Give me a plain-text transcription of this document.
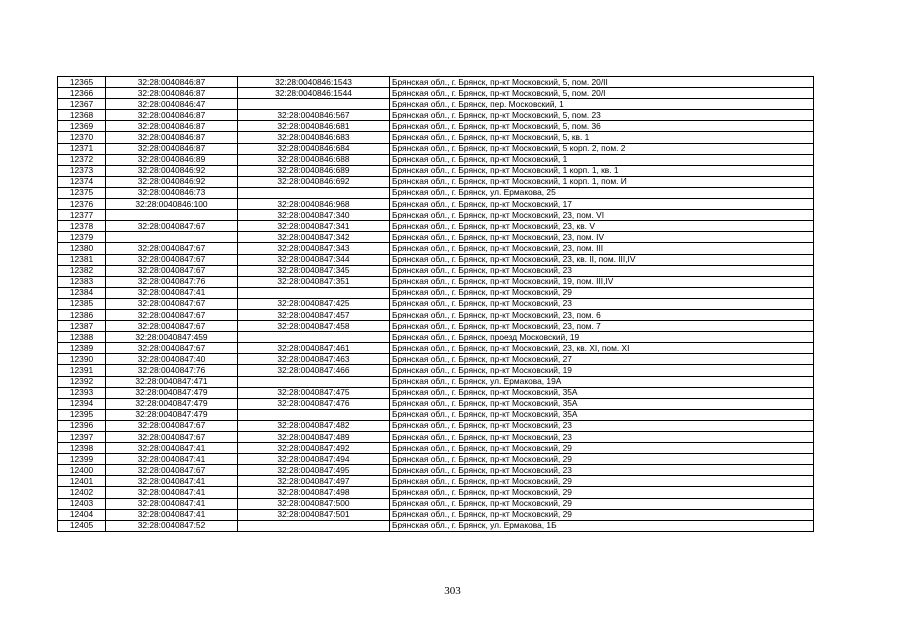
12365	32:28:0040846:87	32:28:0040846:1543	Брянская обл., г. Брянск, пр-кт Московский, 5, пом. 20/II
12366	32:28:0040846:87	32:28:0040846:1544	Брянская обл., г. Брянск, пр-кт Московский, 5, пом. 20/I
12367	32:28:0040846:47		Брянская обл., г. Брянск, пер. Московский, 1
12368	32:28:0040846:87	32:28:0040846:567	Брянская обл., г. Брянск, пр-кт Московский, 5, пом. 23
12369	32:28:0040846:87	32:28:0040846:681	Брянская обл., г. Брянск, пр-кт Московский, 5, пом. 36
12370	32:28:0040846:87	32:28:0040846:683	Брянская обл., г. Брянск, пр-кт Московский, 5, кв. 1
12371	32:28:0040846:87	32:28:0040846:684	Брянская обл., г. Брянск, пр-кт Московский, 5 корп. 2, пом. 2
12372	32:28:0040846:89	32:28:0040846:688	Брянская обл., г. Брянск, пр-кт Московский, 1
12373	32:28:0040846:92	32:28:0040846:689	Брянская обл., г. Брянск, пр-кт Московский, 1 корп. 1, кв. 1
12374	32:28:0040846:92	32:28:0040846:692	Брянская обл., г. Брянск, пр-кт Московский, 1 корп. 1, пом. И
12375	32:28:0040846:73		Брянская обл., г. Брянск, ул. Ермакова, 25
12376	32:28:0040846:100	32:28:0040846:968	Брянская обл., г. Брянск, пр-кт Московский, 17
12377		32:28:0040847:340	Брянская обл., г. Брянск, пр-кт Московский, 23, пом. VI
12378	32:28:0040847:67	32:28:0040847:341	Брянская обл., г. Брянск, пр-кт Московский, 23, кв. V
12379		32:28:0040847:342	Брянская обл., г. Брянск, пр-кт Московский, 23, пом. IV
12380	32:28:0040847:67	32:28:0040847:343	Брянская обл., г. Брянск, пр-кт Московский, 23, пом. III
12381	32:28:0040847:67	32:28:0040847:344	Брянская обл., г. Брянск, пр-кт Московский, 23, кв. II, пом. III,IV
12382	32:28:0040847:67	32:28:0040847:345	Брянская обл., г. Брянск, пр-кт Московский, 23
12383	32:28:0040847:76	32:28:0040847:351	Брянская обл., г. Брянск, пр-кт Московский, 19, пом. III,IV
12384	32:28:0040847:41		Брянская обл., г. Брянск, пр-кт Московский, 29
12385	32:28:0040847:67	32:28:0040847:425	Брянская обл., г. Брянск, пр-кт Московский, 23
12386	32:28:0040847:67	32:28:0040847:457	Брянская обл., г. Брянск, пр-кт Московский, 23, пом. 6
12387	32:28:0040847:67	32:28:0040847:458	Брянская обл., г. Брянск, пр-кт Московский, 23, пом. 7
12388	32:28:0040847:459		Брянская обл., г. Брянск, проезд Московский, 19
12389	32:28:0040847:67	32:28:0040847:461	Брянская обл., г. Брянск, пр-кт Московский, 23, кв. XI, пом. XI
12390	32:28:0040847:40	32:28:0040847:463	Брянская обл., г. Брянск, пр-кт Московский, 27
12391	32:28:0040847:76	32:28:0040847:466	Брянская обл., г. Брянск, пр-кт Московский, 19
12392	32:28:0040847:471		Брянская обл., г. Брянск, ул. Ермакова, 19А
12393	32:28:0040847:479	32:28:0040847:475	Брянская обл., г. Брянск, пр-кт Московский, 35А
12394	32:28:0040847:479	32:28:0040847:476	Брянская обл., г. Брянск, пр-кт Московский, 35А
12395	32:28:0040847:479		Брянская обл., г. Брянск, пр-кт Московский, 35А
12396	32:28:0040847:67	32:28:0040847:482	Брянская обл., г. Брянск, пр-кт Московский, 23
12397	32:28:0040847:67	32:28:0040847:489	Брянская обл., г. Брянск, пр-кт Московский, 23
12398	32:28:0040847:41	32:28:0040847:492	Брянская обл., г. Брянск, пр-кт Московский, 29
12399	32:28:0040847:41	32:28:0040847:494	Брянская обл., г. Брянск, пр-кт Московский, 29
12400	32:28:0040847:67	32:28:0040847:495	Брянская обл., г. Брянск, пр-кт Московский, 23
12401	32:28:0040847:41	32:28:0040847:497	Брянская обл., г. Брянск, пр-кт Московский, 29
12402	32:28:0040847:41	32:28:0040847:498	Брянская обл., г. Брянск, пр-кт Московский, 29
12403	32:28:0040847:41	32:28:0040847:500	Брянская обл., г. Брянск, пр-кт Московский, 29
12404	32:28:0040847:41	32:28:0040847:501	Брянская обл., г. Брянск, пр-кт Московский, 29
12405	32:28:0040847:52		Брянская обл., г. Брянск, ул. Ермакова, 1Б
303
